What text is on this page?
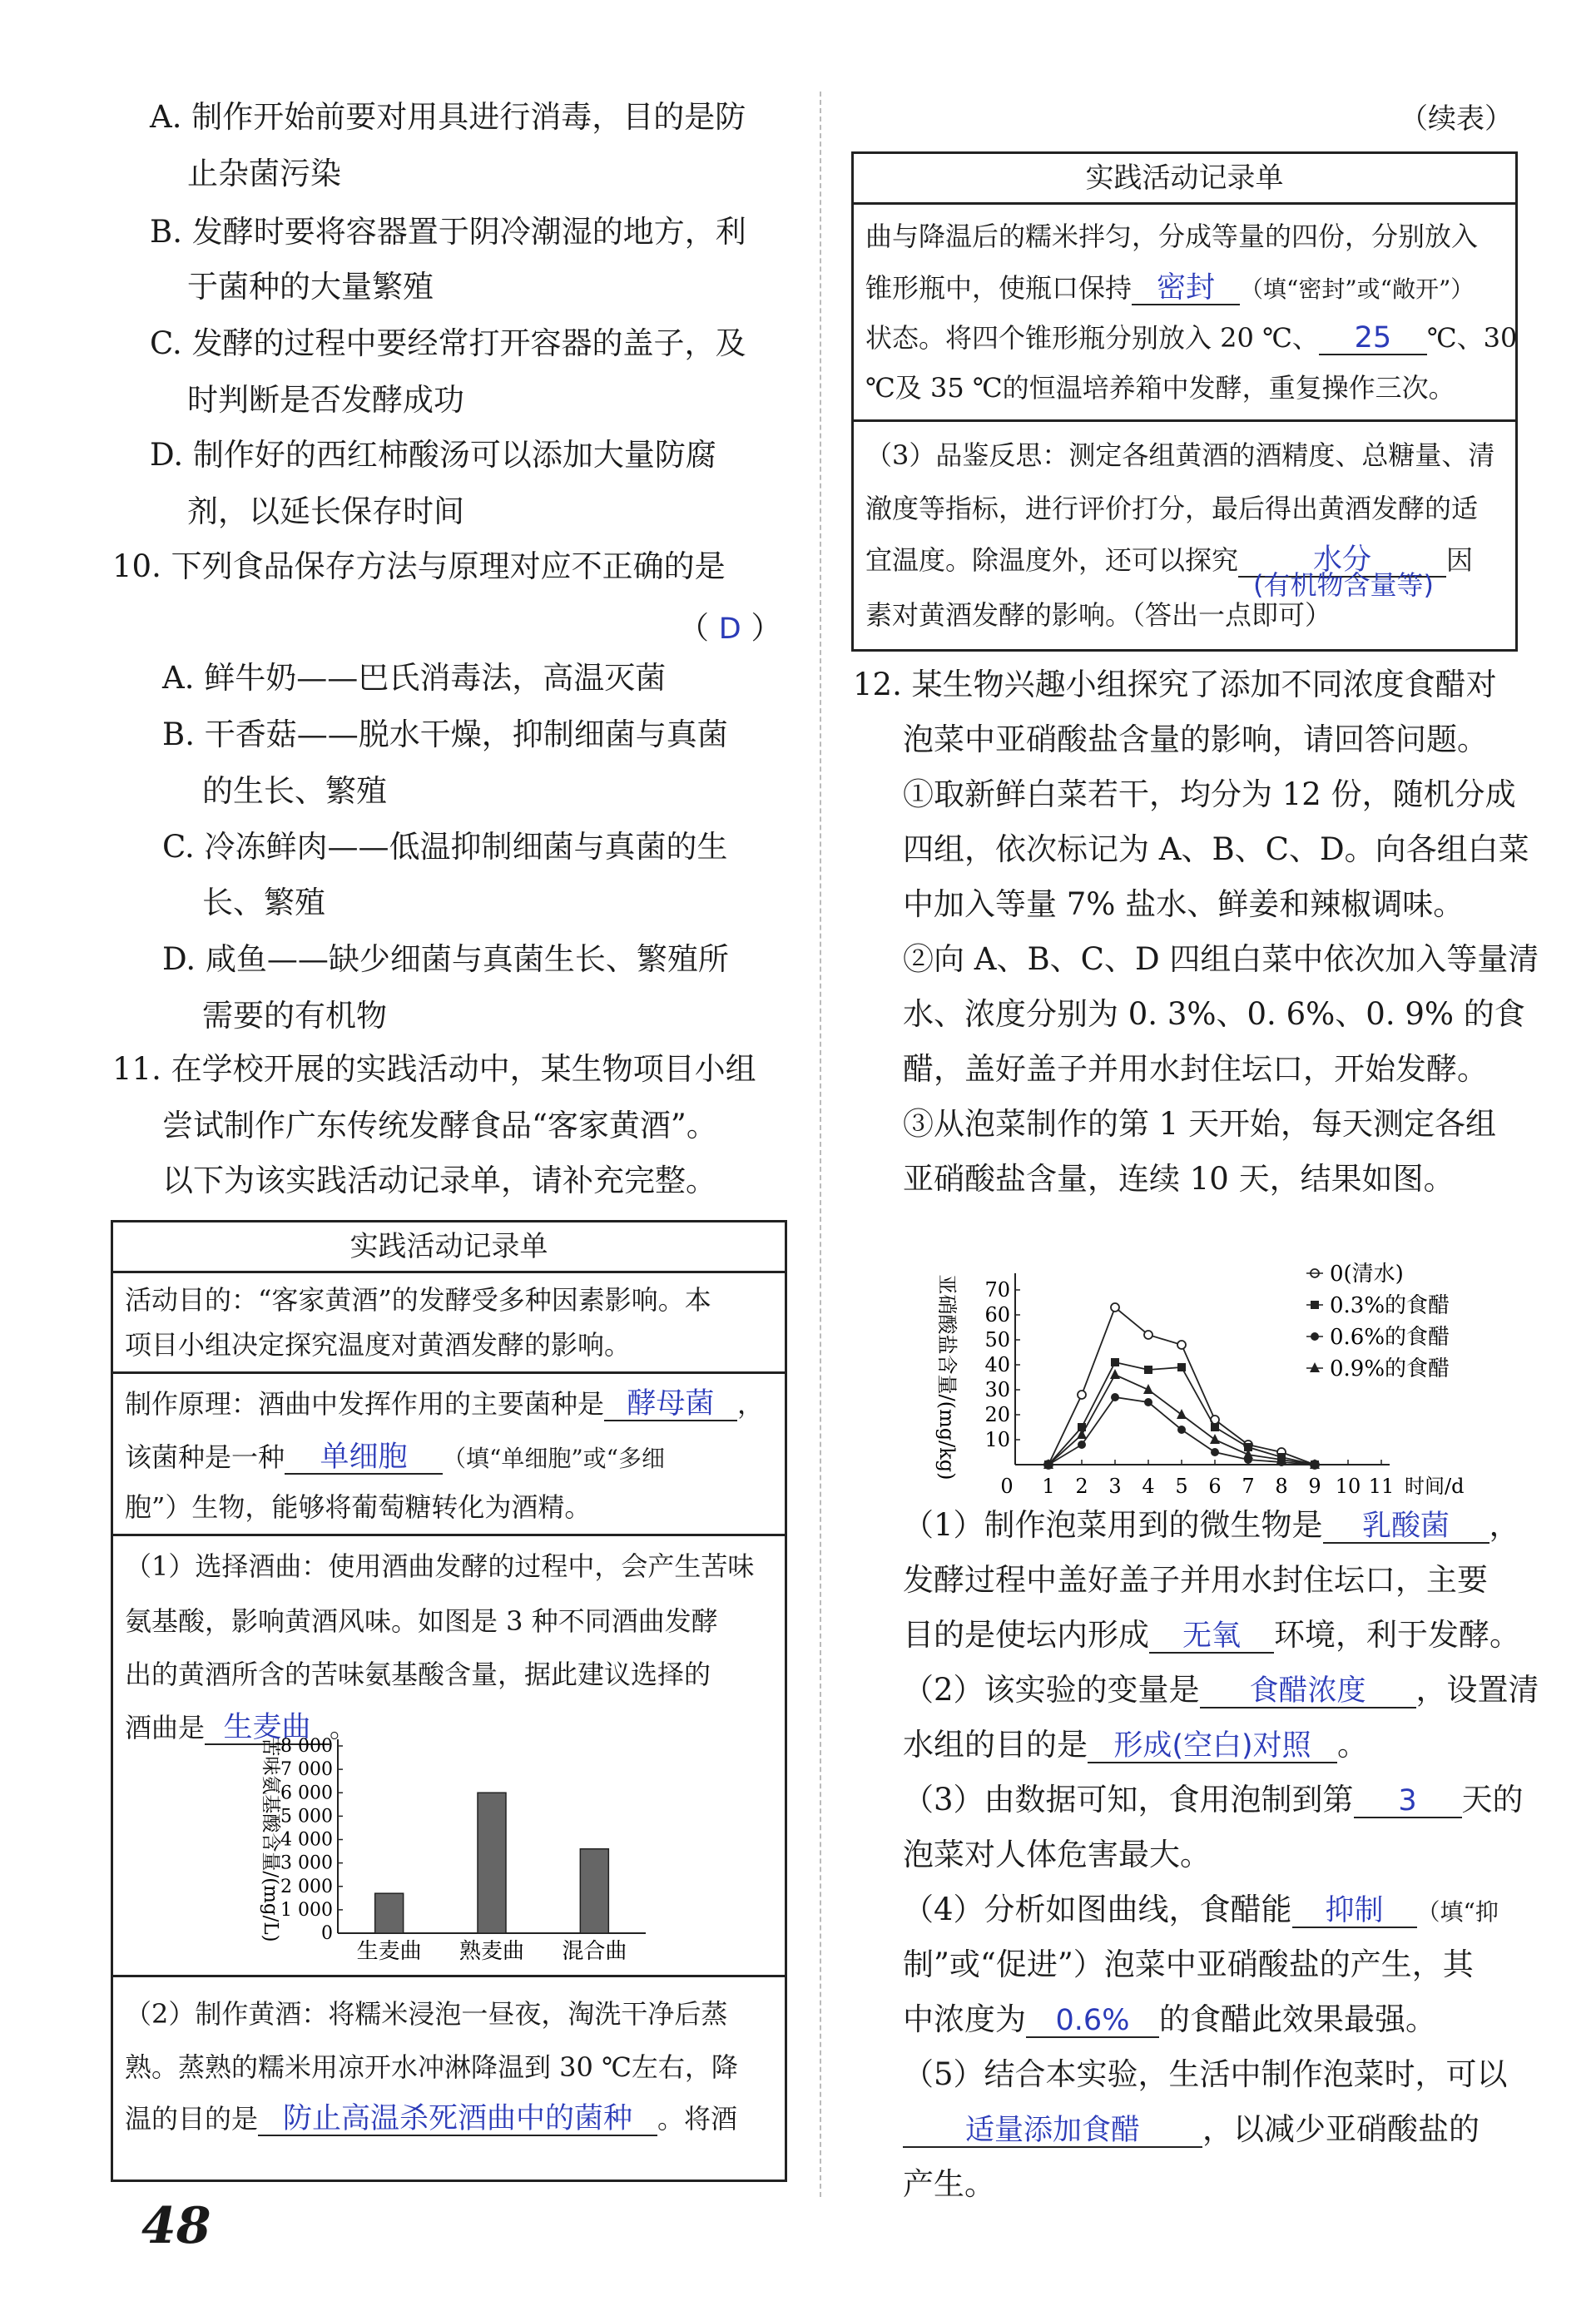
A. 制作开始前要对用具进行消毒，目的是防
止杂菌污染
B. 发酵时要将容器置于阴冷潮湿的地方，利
于菌种的大量繁殖
C. 发酵的过程中要经常打开容器的盖子，及
时判断是否发酵成功
D. 制作好的西红柿酸汤可以添加大量防腐
剂，以延长保存时间
10. 下列食品保存方法与原理对应不正确的是
（ D ）
A. 鲜牛奶——巴氏消毒法，高温灭菌
B. 干香菇——脱水干燥，抑制细菌与真菌
的生长、繁殖
C. 冷冻鲜肉——低温抑制细菌与真菌的生
长、繁殖
D. 咸鱼——缺少细菌与真菌生长、繁殖所
需要的有机物
11. 在学校开展的实践活动中，某生物项目小组
尝试制作广东传统发酵食品“客家黄酒”。
以下为该实践活动记录单，请补充完整。
实践活动记录单
活动目的：“客家黄酒”的发酵受多种因素影响。本
项目小组决定探究温度对黄酒发酵的影响。
制作原理：酒曲中发挥作用的主要菌种是 酵母菌 ，
该菌种是一种 单细胞 （填“单细胞”或“多细
胞”）生物，能够将葡萄糖转化为酒精。
（1）选择酒曲：使用酒曲发酵的过程中，会产生苦味
氨基酸，影响黄酒风味。如图是 3 种不同酒曲发酵
出的黄酒所含的苦味氨基酸含量，据此建议选择的
酒曲是 生麦曲 。
0
1 000
2 000
3 000
4 000
5 000
6 000
7 000
8 000
苦味氨基酸含量/(mg/L)
生麦曲 熟麦曲 混合曲
（2）制作黄酒：将糯米浸泡一昼夜，淘洗干净后蒸
熟。蒸熟的糯米用凉开水冲淋降温到 30 ℃左右，降
温的目的是 防止高温杀死酒曲中的菌种 。将酒
48
（续表）
实践活动记录单
曲与降温后的糯米拌匀，分成等量的四份，分别放入
锥形瓶中，使瓶口保持 密封 （填“密封”或“敞开”）
状态。将四个锥形瓶分别放入 20 ℃、 25 ℃、30
℃及 35 ℃的恒温培养箱中发酵，重复操作三次。
（3）品鉴反思：测定各组黄酒的酒精度、总糖量、清
澈度等指标，进行评价打分，最后得出黄酒发酵的适
宜温度。除温度外，还可以探究	水分	因
素对黄酒发酵的影响。（答出一点即可）
(有机物含量等)
12. 某生物兴趣小组探究了添加不同浓度食醋对
泡菜中亚硝酸盐含量的影响，请回答问题。
①取新鲜白菜若干，均分为 12 份，随机分成
四组，依次标记为 A、B、C、D。向各组白菜
中加入等量 7% 盐水、鲜姜和辣椒调味。
②向 A、B、C、D 四组白菜中依次加入等量清
水、浓度分别为 0. 3%、0. 6%、0. 9% 的食
醋，盖好盖子并用水封住坛口，开始发酵。
③从泡菜制作的第 1 天开始，每天测定各组
亚硝酸盐含量，连续 10 天，结果如图。
0
10
20
30
40
50
60
70
1 2 3 4 5 6 7 8 9 10 11 时间/d
亚硝酸盐含量/(mg/kg)
0(清水)
0.3%的食醋
0.6%的食醋
0.9%的食醋
（1）制作泡菜用到的微生物是 乳酸菌 ，
发酵过程中盖好盖子并用水封住坛口，主要
目的是使坛内形成 无氧 环境，利于发酵。
（2）该实验的变量是 食醋浓度 ，设置清
水组的目的是 形成(空白)对照 。
（3）由数据可知，食用泡制到第 3 天的
泡菜对人体危害最大。
（4）分析如图曲线，食醋能 抑制 （填“抑
制”或“促进”）泡菜中亚硝酸盐的产生，其
中浓度为 0.6% 的食醋此效果最强。
（5）结合本实验，生活中制作泡菜时，可以
适量添加食醋 ，以减少亚硝酸盐的
产生。
